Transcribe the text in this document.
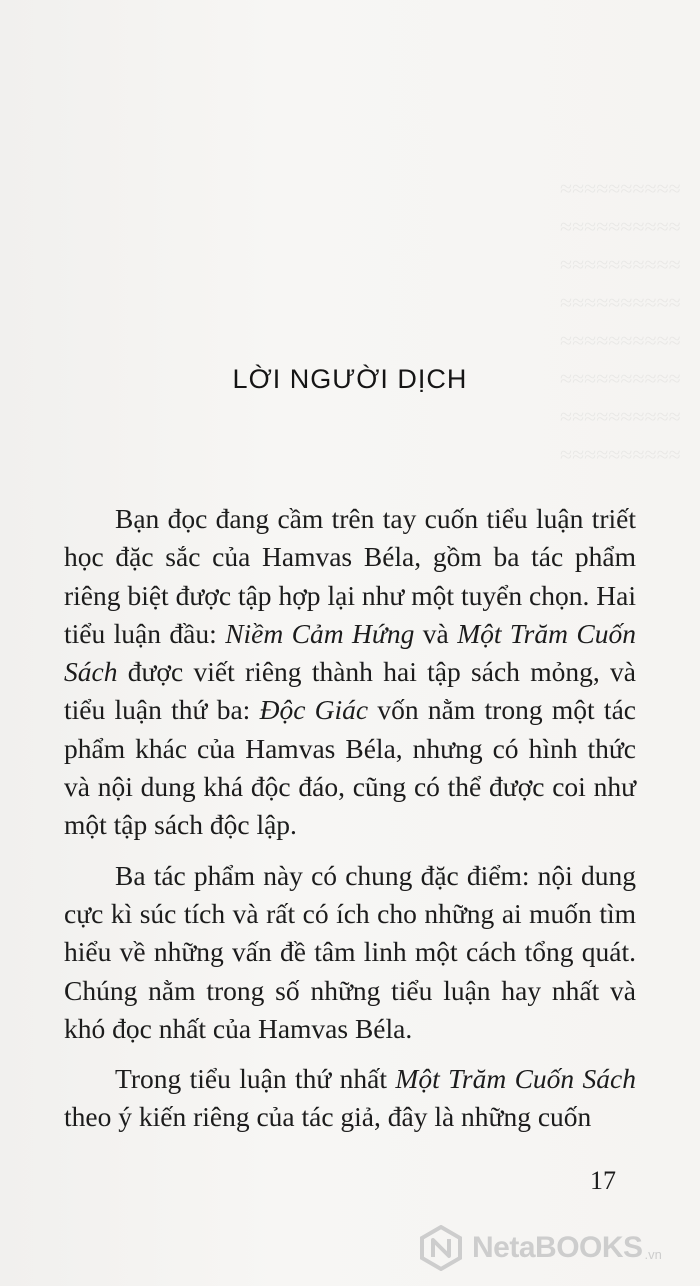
≈≈≈≈≈≈≈≈≈≈
≈≈≈≈≈≈≈≈≈≈
≈≈≈≈≈≈≈≈≈≈
≈≈≈≈≈≈≈≈≈≈
≈≈≈≈≈≈≈≈≈≈
≈≈≈≈≈≈≈≈≈≈
≈≈≈≈≈≈≈≈≈≈
≈≈≈≈≈≈≈≈≈≈
LỜI NGƯỜI DỊCH

Bạn đọc đang cầm trên tay cuốn tiểu luận triết học đặc sắc của Hamvas Béla, gồm ba tác phẩm riêng biệt được tập hợp lại như một tuyển chọn. Hai tiểu luận đầu: Niềm Cảm Hứng và Một Trăm Cuốn Sách được viết riêng thành hai tập sách mỏng, và tiểu luận thứ ba: Độc Giác vốn nằm trong một tác phẩm khác của Hamvas Béla, nhưng có hình thức và nội dung khá độc đáo, cũng có thể được coi như một tập sách độc lập.

Ba tác phẩm này có chung đặc điểm: nội dung cực kì súc tích và rất có ích cho những ai muốn tìm hiểu về những vấn đề tâm linh một cách tổng quát. Chúng nằm trong số những tiểu luận hay nhất và khó đọc nhất của Hamvas Béla.

Trong tiểu luận thứ nhất Một Trăm Cuốn Sách theo ý kiến riêng của tác giả, đây là những cuốn

17
NetaBOOKS .vn
